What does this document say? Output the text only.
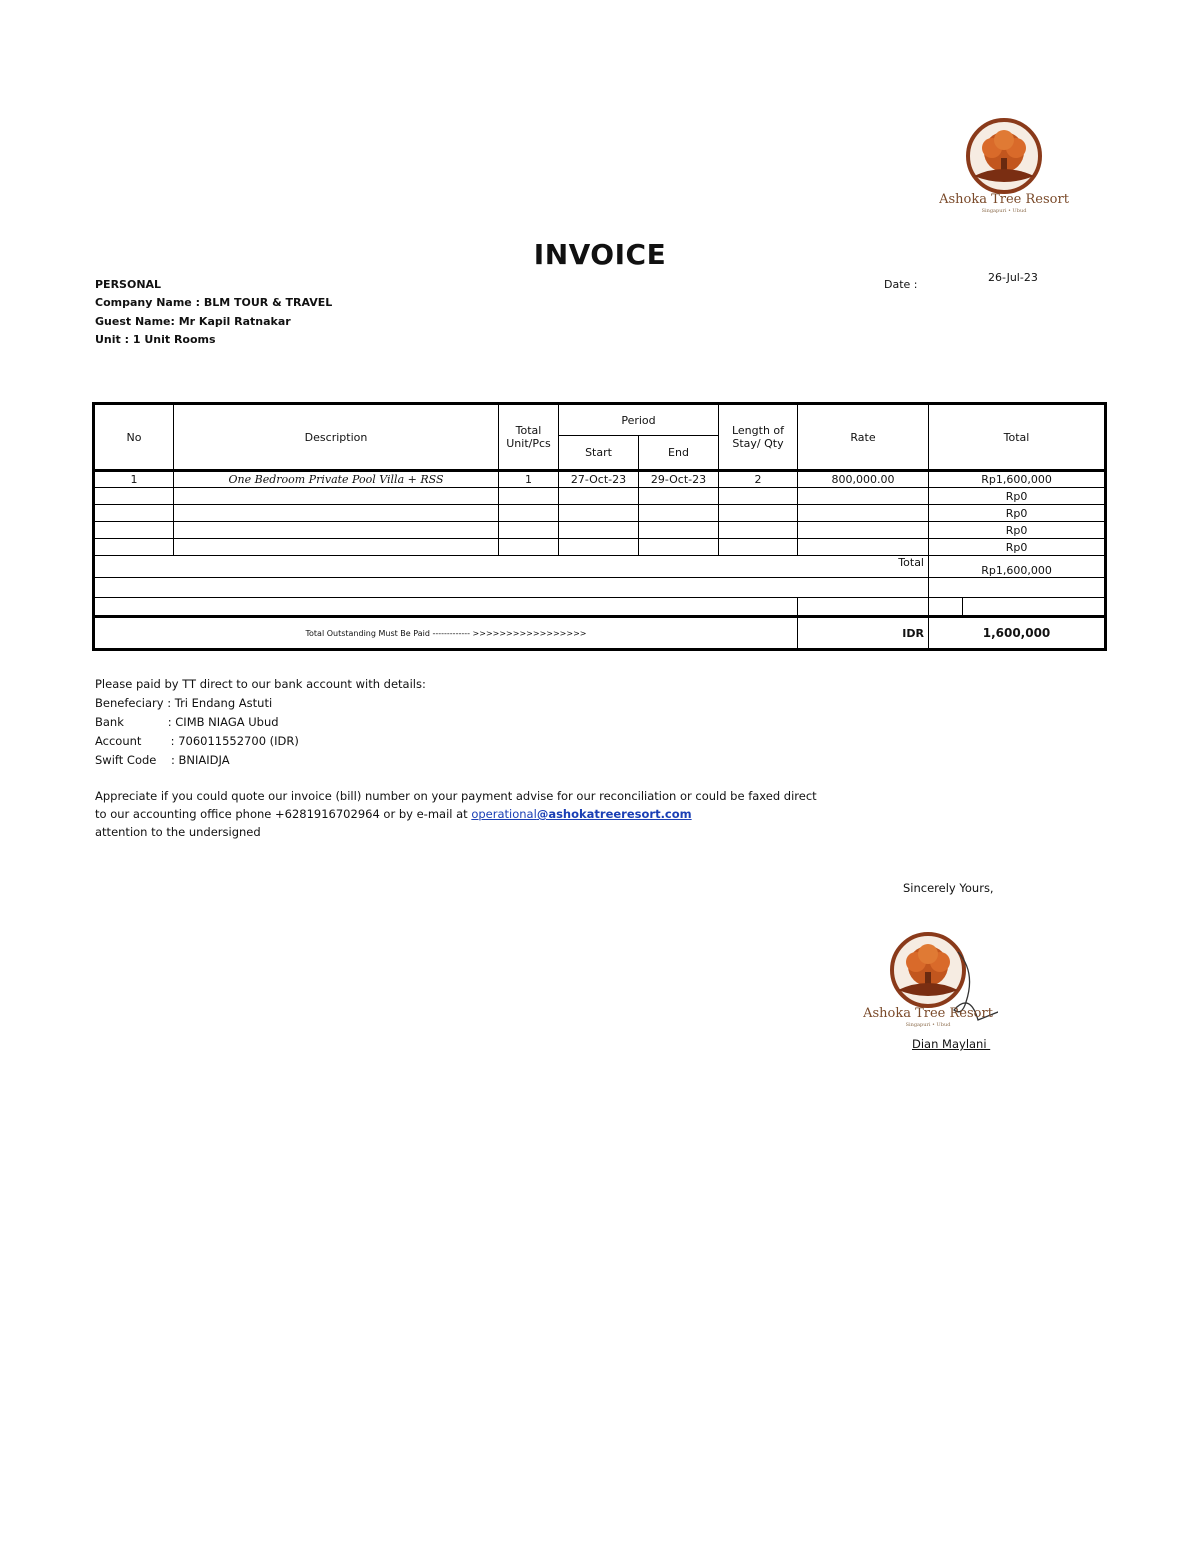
Ashoka Tree Resort
Singapuri • Ubud
INVOICE
PERSONAL
Company Name : BLM TOUR & TRAVEL
Guest Name: Mr Kapil Ratnakar
Unit : 1 Unit Rooms
Date :
26-Jul-23
No	Description	Total Unit/Pcs	Period		Length of Stay/ Qty	Rate	Total	
			Start	End				
1	One Bedroom Private Pool Villa + RSS	1	27-Oct-23	29-Oct-23	2	800,000.00	Rp1,600,000	
							Rp0	
							Rp0	
							Rp0	
							Rp0	
Total							Rp1,600,000	

Total Outstanding Must Be Paid ------------- >>>>>>>>>>>>>>>>>						IDR	1,600,000	
Please paid by TT direct to our bank account with details:
Benefeciary : Tri Endang Astuti
Bank            : CIMB NIAGA Ubud
Account        : 706011552700 (IDR)
Swift Code    : BNIAIDJA
Appreciate if you could quote our invoice (bill) number on your payment advise for our reconciliation or could be faxed direct
to our accounting office phone +6281916702964 or by e-mail at operational@ashokatreeresort.com
attention to the undersigned
Sincerely Yours,
Ashoka Tree Resort
Singapuri • Ubud
Dian Maylani
